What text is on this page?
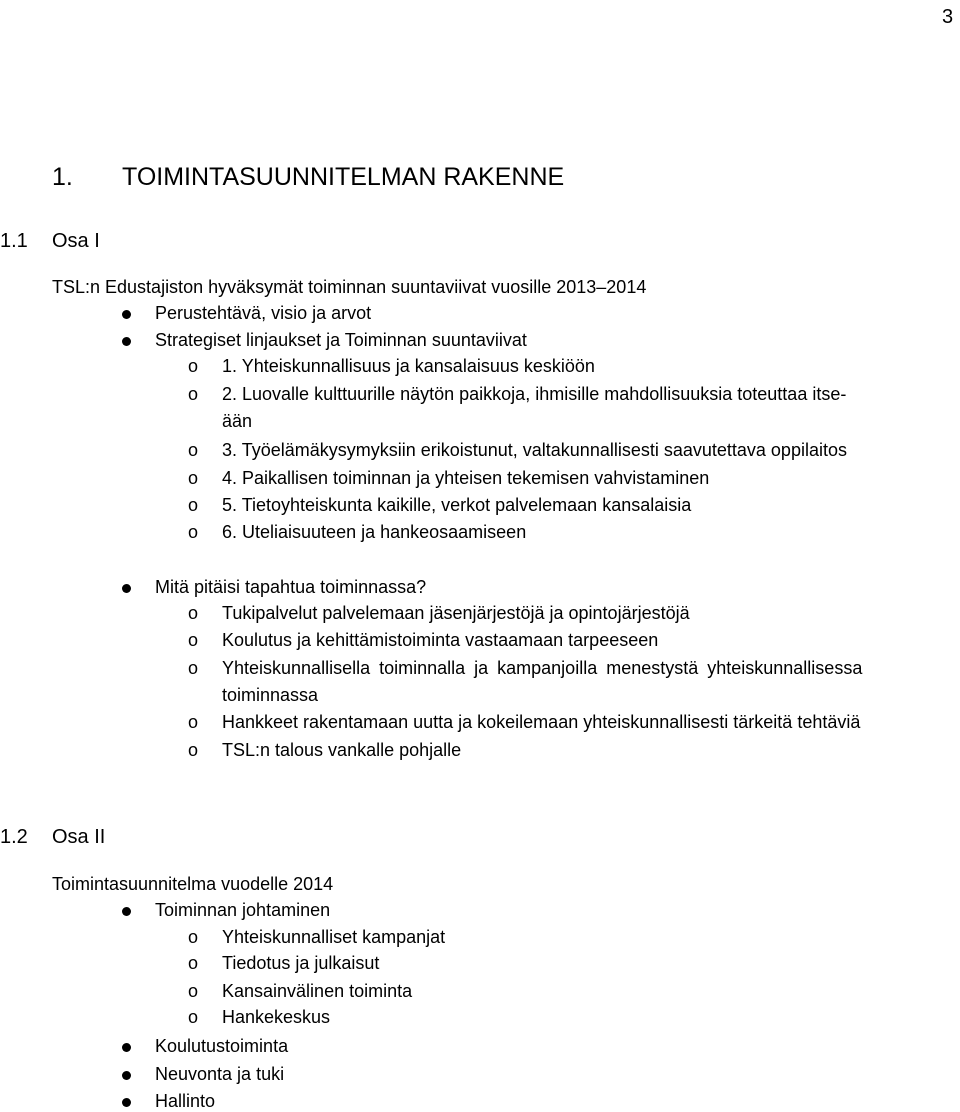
3
1. TOIMINTASUUNNITELMAN RAKENNE
1.1 Osa I
TSL:n Edustajiston hyväksymät toiminnan suuntaviivat vuosille 2013–2014
Perustehtävä, visio ja arvot
Strategiset linjaukset ja Toiminnan suuntaviivat
o 1. Yhteiskunnallisuus ja kansalaisuus keskiöön
o 2. Luovalle kulttuurille näytön paikkoja, ihmisille mahdollisuuksia toteuttaa itse-
ään
o 3. Työelämäkysymyksiin erikoistunut, valtakunnallisesti saavutettava oppilaitos
o 4. Paikallisen toiminnan ja yhteisen tekemisen vahvistaminen
o 5. Tietoyhteiskunta kaikille, verkot palvelemaan kansalaisia
o 6. Uteliaisuuteen ja hankeosaamiseen
Mitä pitäisi tapahtua toiminnassa?
o Tukipalvelut palvelemaan jäsenjärjestöjä ja opintojärjestöjä
o Koulutus ja kehittämistoiminta vastaamaan tarpeeseen
o Yhteiskunnallisella toiminnalla ja kampanjoilla menestystä yhteiskunnallisessa
toiminnassa
o Hankkeet rakentamaan uutta ja kokeilemaan yhteiskunnallisesti tärkeitä tehtäviä
o TSL:n talous vankalle pohjalle
1.2 Osa II
Toimintasuunnitelma vuodelle 2014
Toiminnan johtaminen
o Yhteiskunnalliset kampanjat
o Tiedotus ja julkaisut
o Kansainvälinen toiminta
o Hankekeskus
Koulutustoiminta
Neuvonta ja tuki
Hallinto
